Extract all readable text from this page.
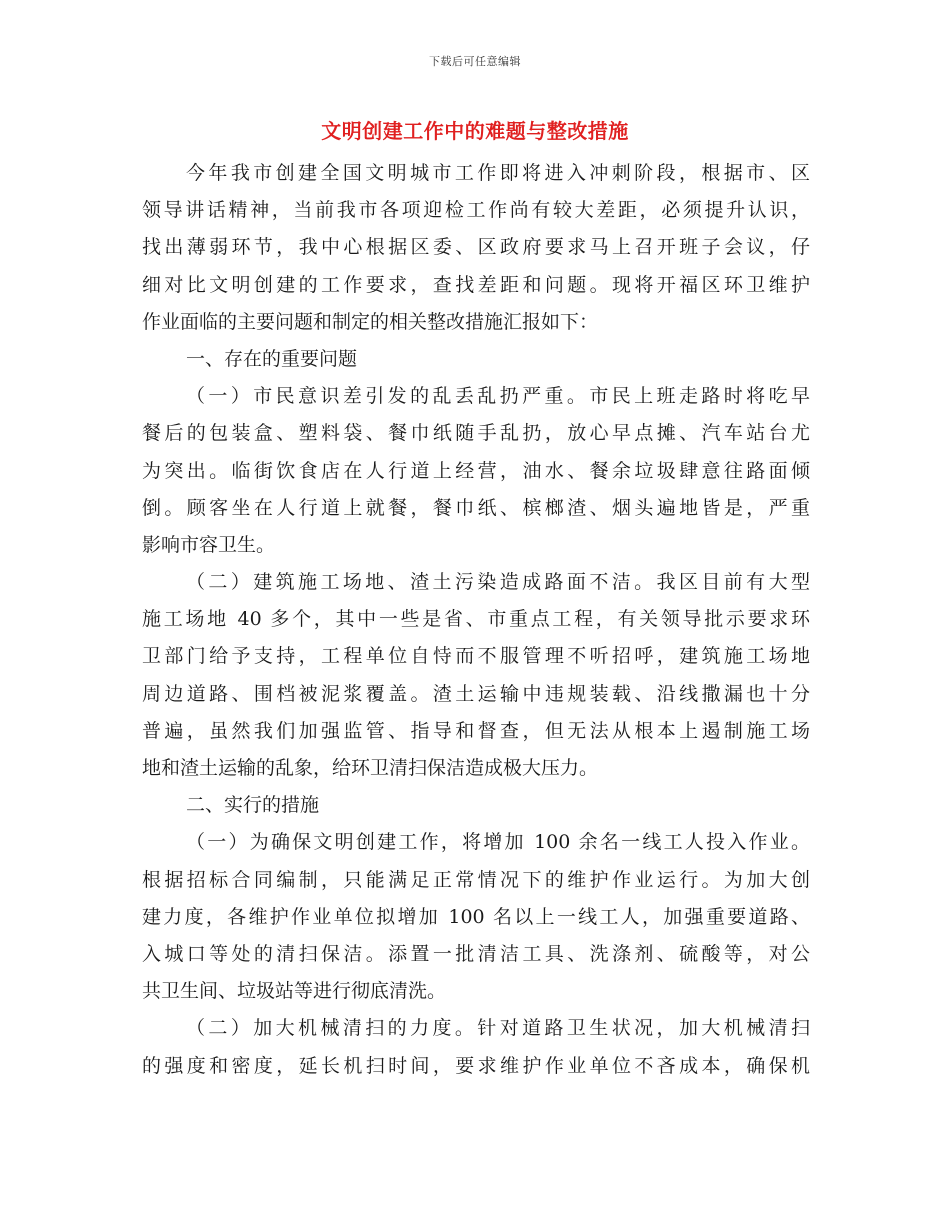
下载后可任意编辑
文明创建工作中的难题与整改措施
今年我市创建全国文明城市工作即将进入冲刺阶段，根据市、区
领导讲话精神，当前我市各项迎检工作尚有较大差距，必须提升认识，
找出薄弱环节，我中心根据区委、区政府要求马上召开班子会议，仔
细对比文明创建的工作要求，查找差距和问题。现将开福区环卫维护
作业面临的主要问题和制定的相关整改措施汇报如下：
一、存在的重要问题
（一）市民意识差引发的乱丢乱扔严重。市民上班走路时将吃早
餐后的包装盒、塑料袋、餐巾纸随手乱扔，放心早点摊、汽车站台尤
为突出。临街饮食店在人行道上经营，油水、餐余垃圾肆意往路面倾
倒。顾客坐在人行道上就餐，餐巾纸、槟榔渣、烟头遍地皆是，严重
影响市容卫生。
（二）建筑施工场地、渣土污染造成路面不洁。我区目前有大型
施工场地 40 多个，其中一些是省、市重点工程，有关领导批示要求环
卫部门给予支持，工程单位自恃而不服管理不听招呼，建筑施工场地
周边道路、围档被泥浆覆盖。渣土运输中违规装载、沿线撒漏也十分
普遍，虽然我们加强监管、指导和督查，但无法从根本上遏制施工场
地和渣土运输的乱象，给环卫清扫保洁造成极大压力。
二、实行的措施
（一）为确保文明创建工作，将增加 100 余名一线工人投入作业。
根据招标合同编制，只能满足正常情况下的维护作业运行。为加大创
建力度，各维护作业单位拟增加 100 名以上一线工人，加强重要道路、
入城口等处的清扫保洁。添置一批清洁工具、洗涤剂、硫酸等，对公
共卫生间、垃圾站等进行彻底清洗。
（二）加大机械清扫的力度。针对道路卫生状况，加大机械清扫
的强度和密度，延长机扫时间，要求维护作业单位不吝成本，确保机
